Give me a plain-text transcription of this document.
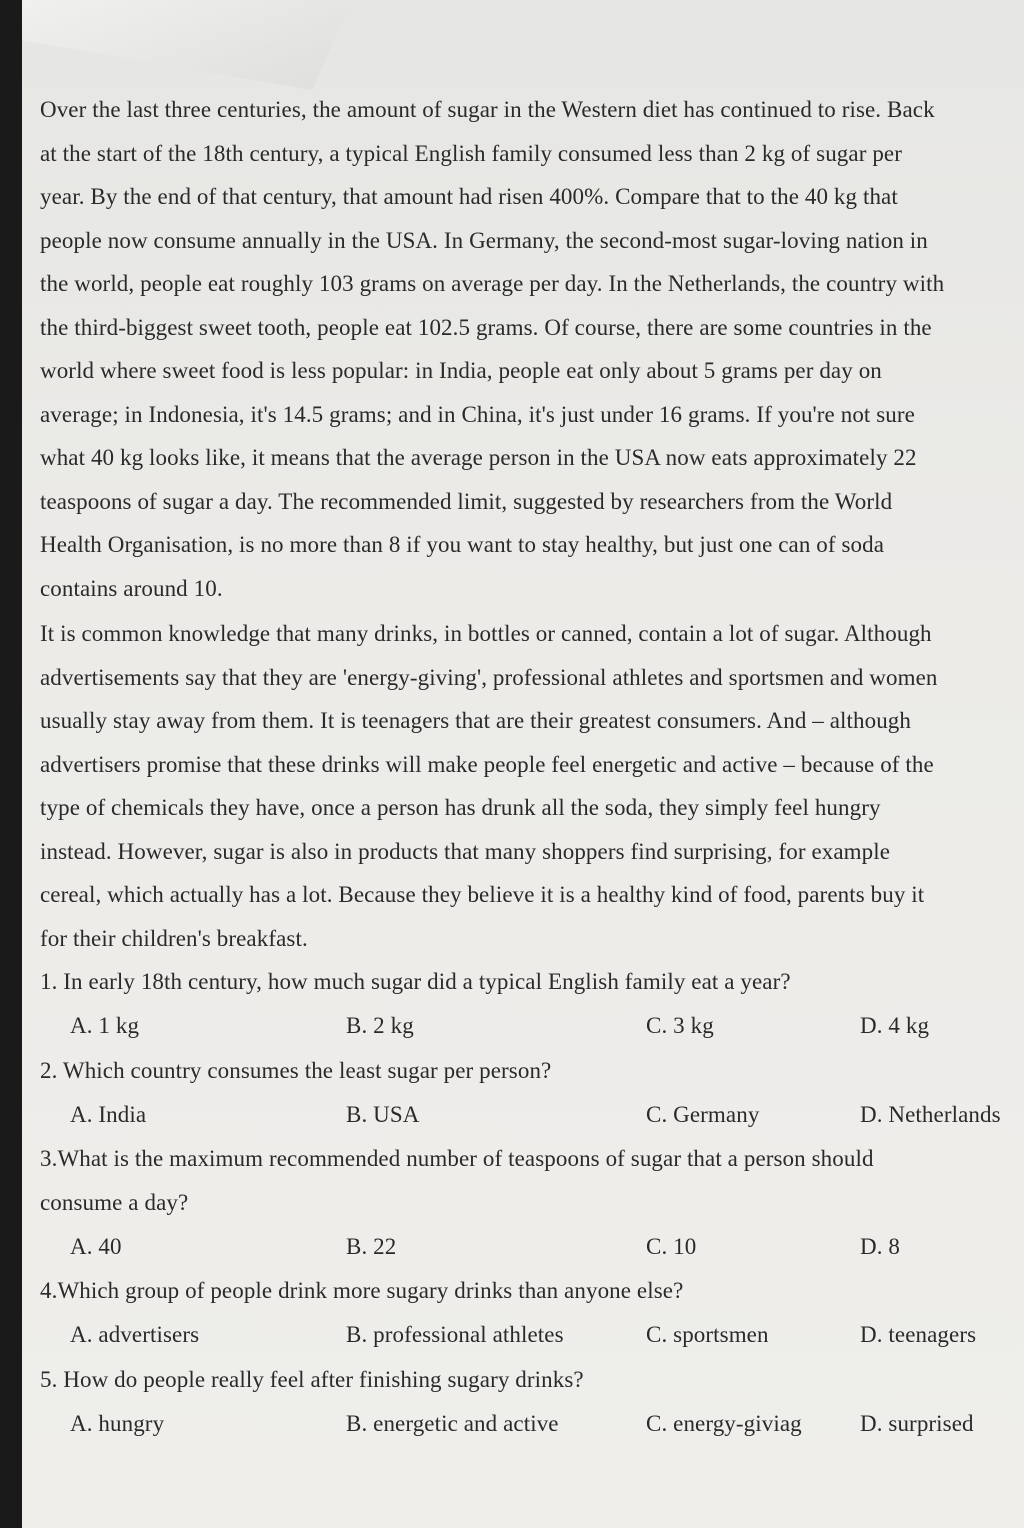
Over the last three centuries, the amount of sugar in the Western diet has continued to rise. Back
at the start of the 18th century, a typical English family consumed less than 2 kg of sugar per
year. By the end of that century, that amount had risen 400%. Compare that to the 40 kg that
people now consume annually in the USA. In Germany, the second-most sugar-loving nation in
the world, people eat roughly 103 grams on average per day. In the Netherlands, the country with
the third-biggest sweet tooth, people eat 102.5 grams. Of course, there are some countries in the
world where sweet food is less popular: in India, people eat only about 5 grams per day on
average; in Indonesia, it's 14.5 grams; and in China, it's just under 16 grams. If you're not sure
what 40 kg looks like, it means that the average person in the USA now eats approximately 22
teaspoons of sugar a day. The recommended limit, suggested by researchers from the World
Health Organisation, is no more than 8 if you want to stay healthy, but just one can of soda
contains around 10.
It is common knowledge that many drinks, in bottles or canned, contain a lot of sugar. Although
advertisements say that they are 'energy-giving', professional athletes and sportsmen and women
usually stay away from them. It is teenagers that are their greatest consumers. And – although
advertisers promise that these drinks will make people feel energetic and active – because of the
type of chemicals they have, once a person has drunk all the soda, they simply feel hungry
instead. However, sugar is also in products that many shoppers find surprising, for example
cereal, which actually has a lot. Because they believe it is a healthy kind of food, parents buy it
for their children's breakfast.

1. In early 18th century, how much sugar did a typical English family eat a year?

A. 1 kg	B. 2 kg	C. 3 kg	D. 4 kg

2. Which country consumes the least sugar per person?

A. India	B. USA	C. Germany	D. Netherlands

3.What is the maximum recommended number of teaspoons of sugar that a person should

consume a day?

A. 40	B. 22	C. 10	D. 8

4.Which group of people drink more sugary drinks than anyone else?

A. advertisers	B. professional athletes	C. sportsmen	D. teenagers

5. How do people really feel after finishing sugary drinks?

A. hungry	B. energetic and active	C. energy-giviag	D. surprised
